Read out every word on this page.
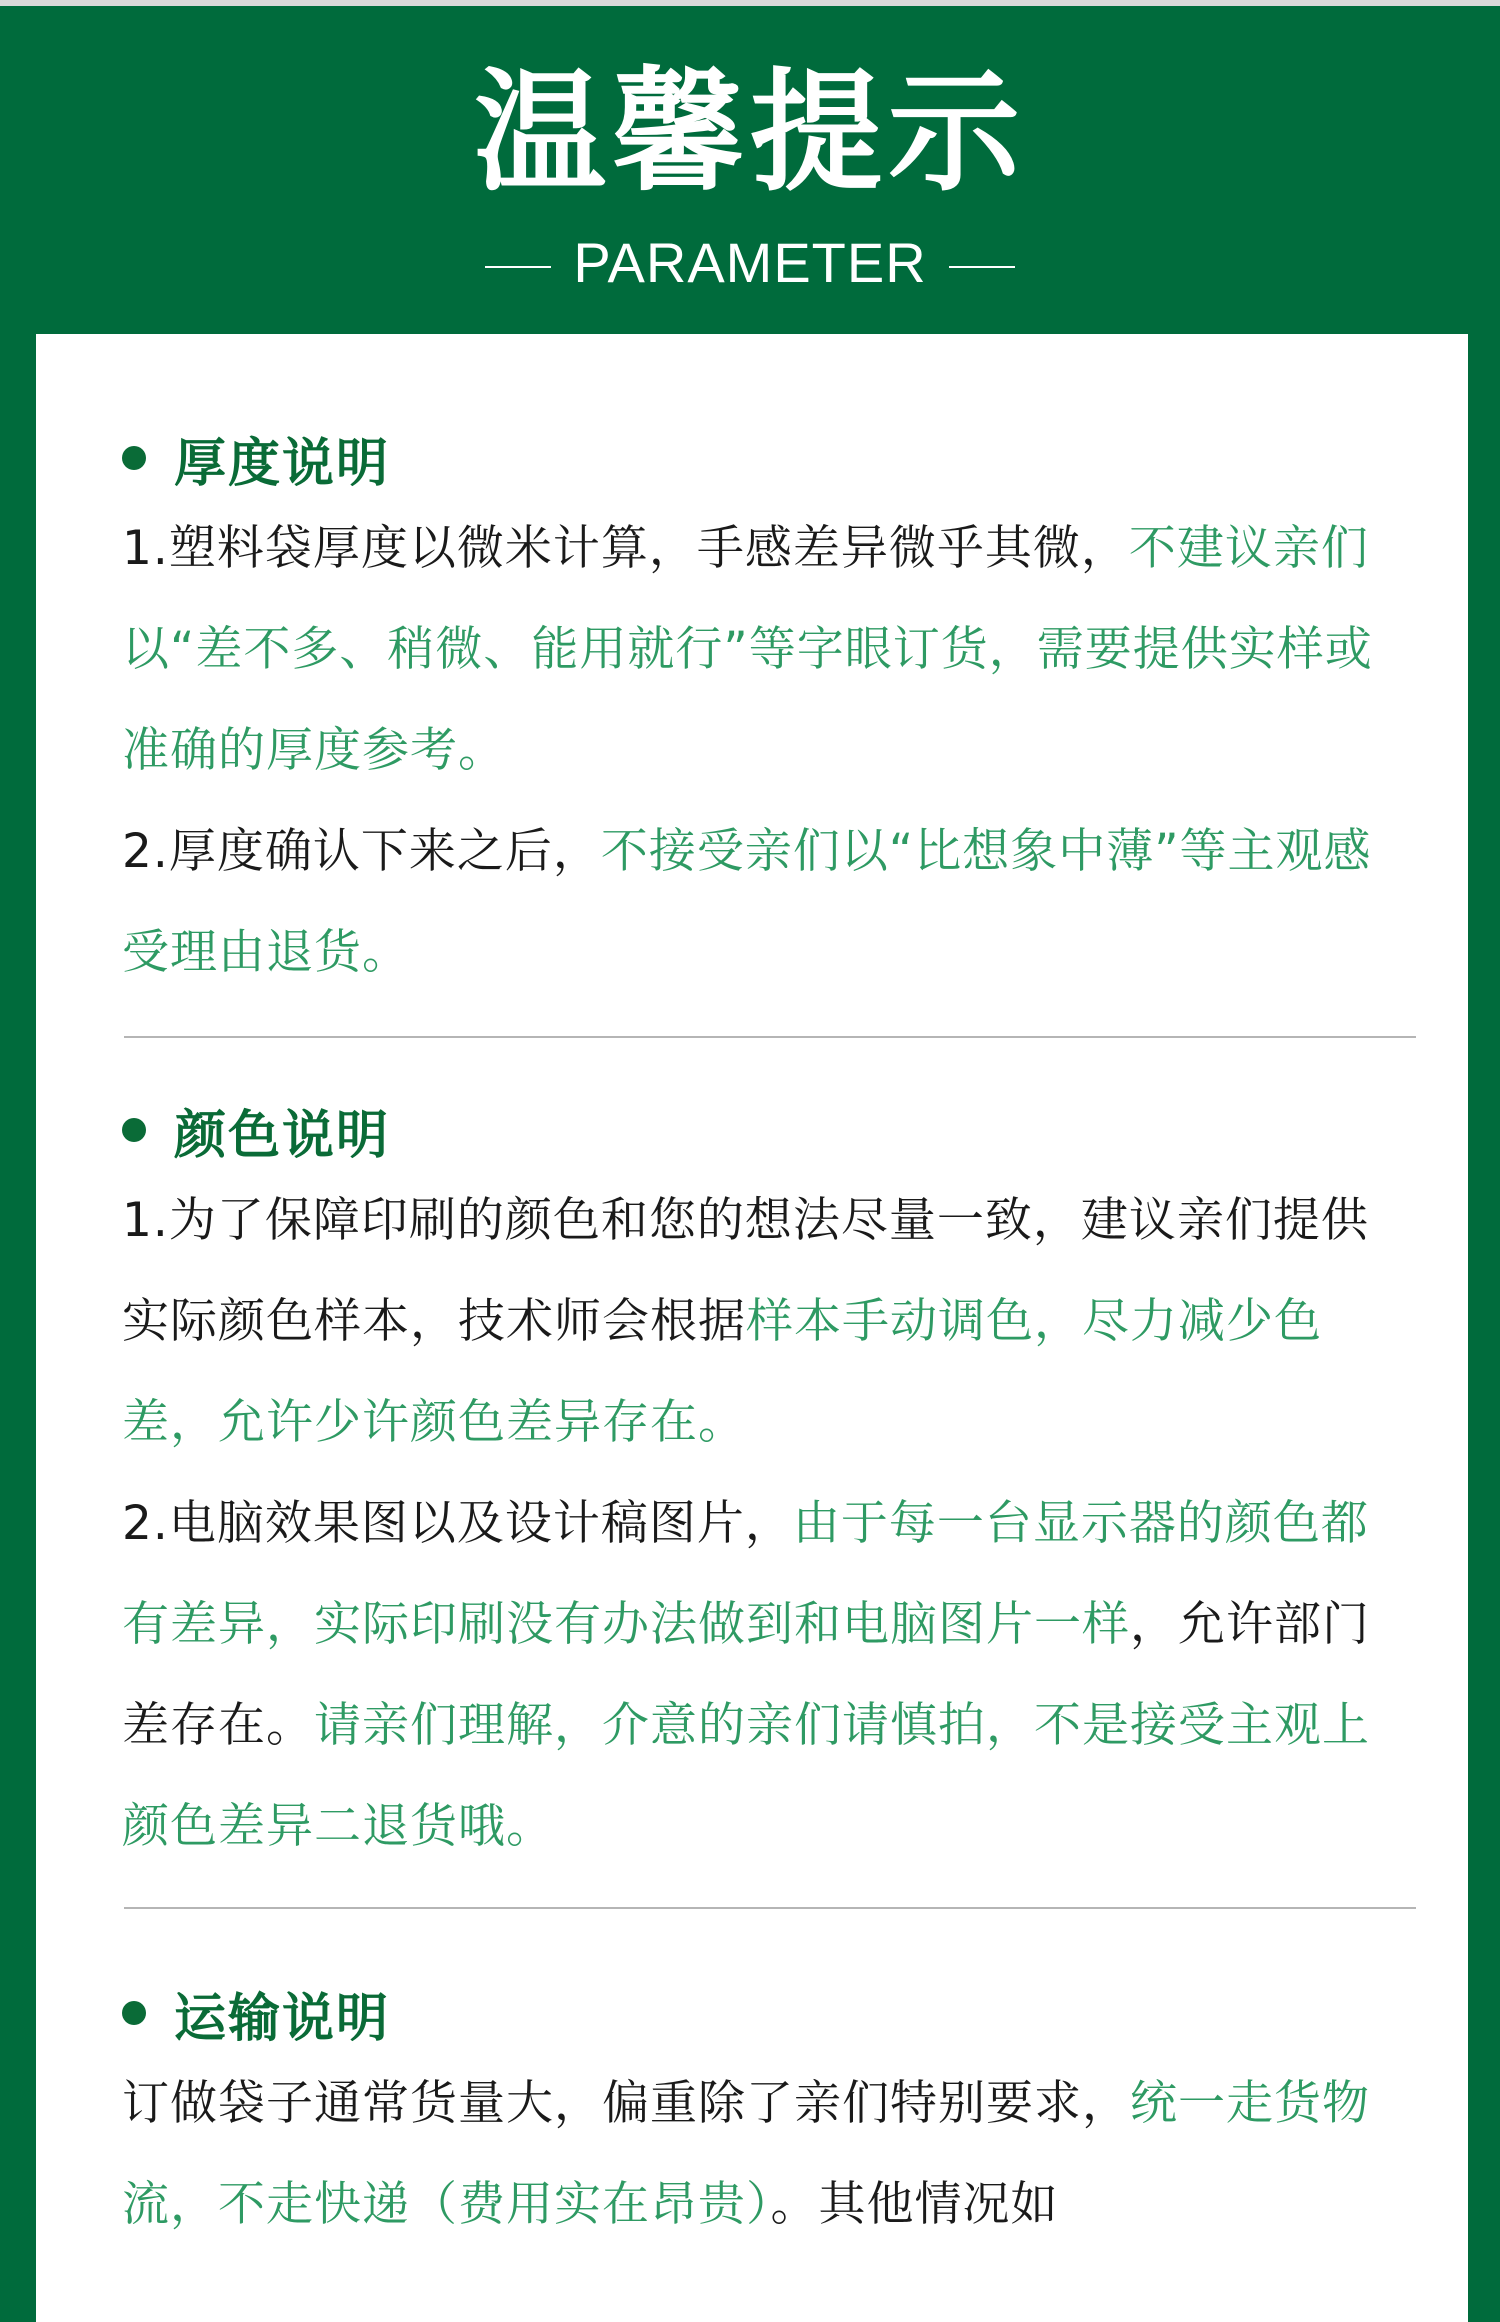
温馨提示
PARAMETER
厚度说明
1.塑料袋厚度以微米计算，手感差异微乎其微，不建议亲们以“差不多、稍微、能用就行”等字眼订货，需要提供实样或准确的厚度参考。
2.厚度确认下来之后，不接受亲们以“比想象中薄”等主观感受理由退货。
颜色说明
1.为了保障印刷的颜色和您的想法尽量一致，建议亲们提供实际颜色样本，技术师会根据样本手动调色，尽力减少色差，允许少许颜色差异存在。
2.电脑效果图以及设计稿图片，由于每一台显示器的颜色都有差异，实际印刷没有办法做到和电脑图片一样，允许部门差存在。请亲们理解，介意的亲们请慎拍，不是接受主观上颜色差异二退货哦。
运输说明
订做袋子通常货量大，偏重除了亲们特别要求，统一走货物流，不走快递（费用实在昂贵）。其他情况如
